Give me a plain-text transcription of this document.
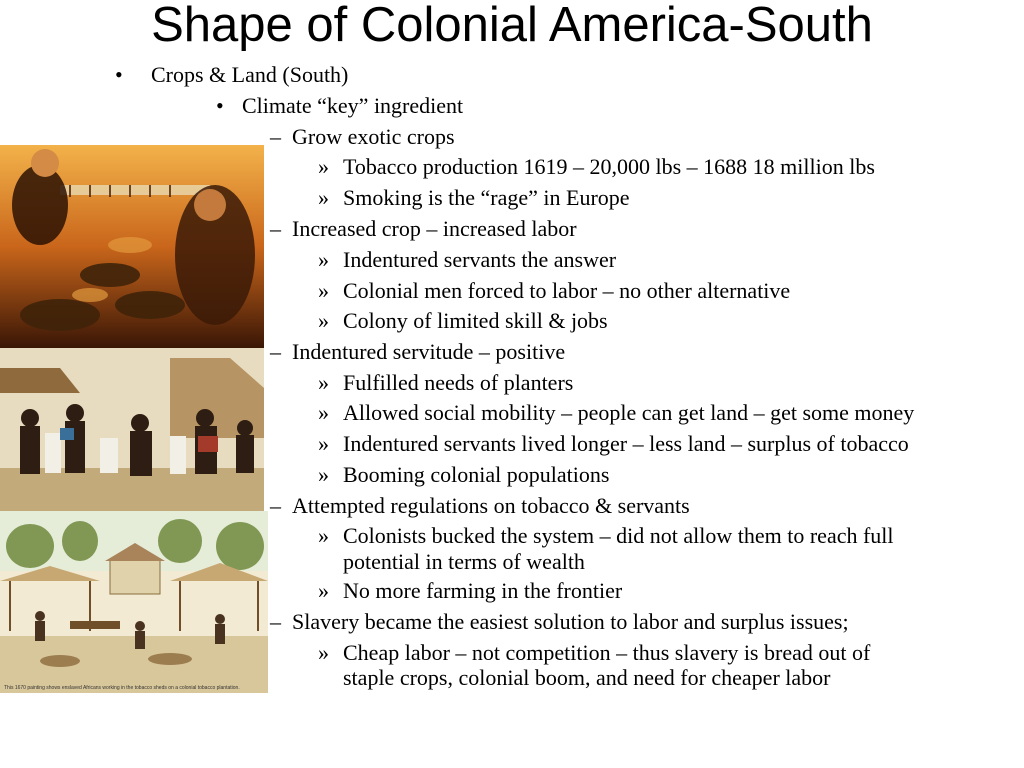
Shape of Colonial America-South
This 1670 painting shows enslaved Africans working in the tobacco sheds on a colonial tobacco plantation.
• Crops & Land (South)
• Climate “key” ingredient
– Grow exotic crops
» Tobacco production 1619 – 20,000 lbs – 1688 18 million lbs
» Smoking is the “rage” in Europe
– Increased crop – increased labor
» Indentured servants the answer
» Colonial men forced to labor – no other alternative
» Colony of limited skill & jobs
– Indentured servitude – positive
» Fulfilled needs of planters
» Allowed social mobility – people can get land – get some money
» Indentured servants lived longer – less land – surplus of tobacco
» Booming colonial populations
– Attempted regulations on tobacco & servants
» Colonists bucked the system – did not allow them to reach full
potential in terms of wealth
» No more farming in the frontier
– Slavery became the easiest solution to labor and surplus issues;
» Cheap labor – not competition – thus slavery is bread out of
staple crops, colonial boom, and need for cheaper labor
